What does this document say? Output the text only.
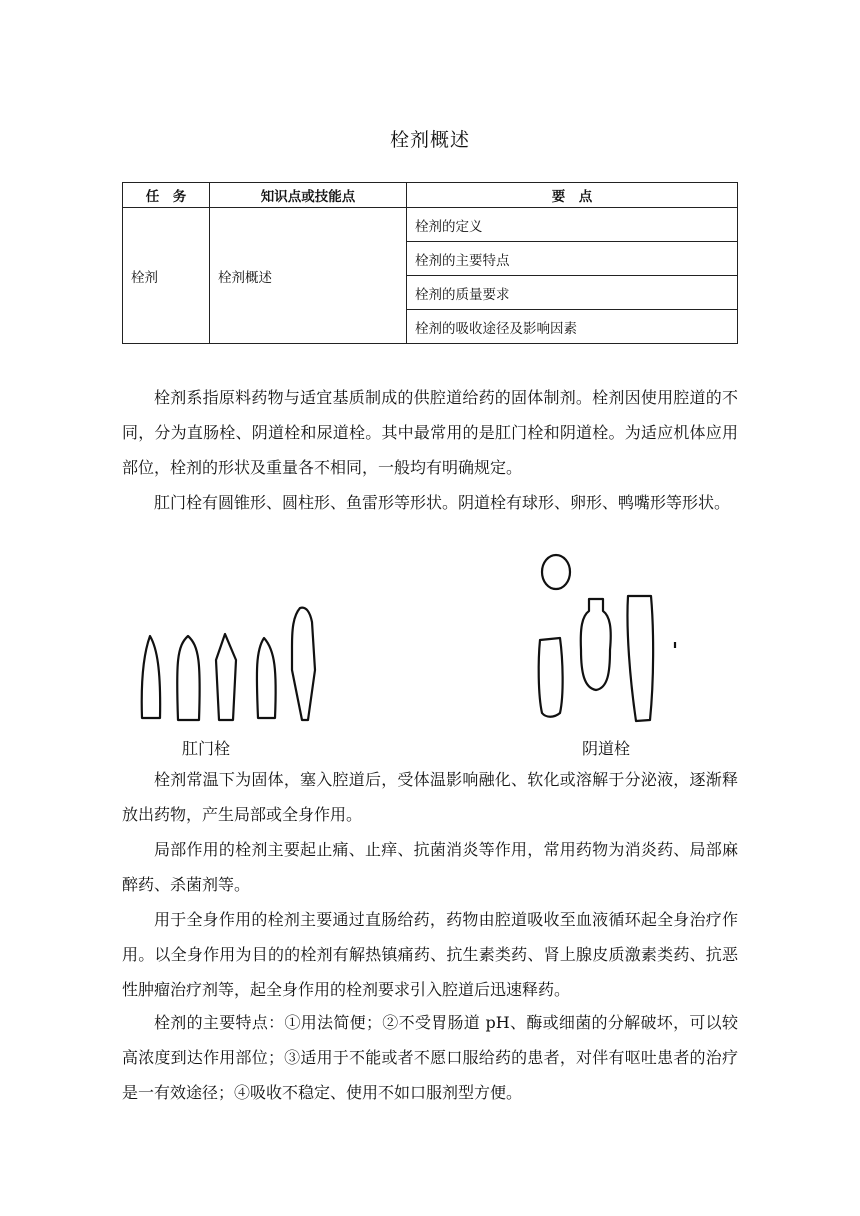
栓剂概述
任　务	知识点或技能点	要　点
栓剂	栓剂概述	栓剂的定义
		栓剂的主要特点
		栓剂的质量要求
		栓剂的吸收途径及影响因素

栓剂系指原料药物与适宜基质制成的供腔道给药的固体制剂。栓剂因使用腔道的不同，分为直肠栓、阴道栓和尿道栓。其中最常用的是肛门栓和阴道栓。为适应机体应用部位，栓剂的形状及重量各不相同，一般均有明确规定。

肛门栓有圆锥形、圆柱形、鱼雷形等形状。阴道栓有球形、卵形、鸭嘴形等形状。

肛门栓	阴道栓

栓剂常温下为固体，塞入腔道后，受体温影响融化、软化或溶解于分泌液，逐渐释放出药物，产生局部或全身作用。

局部作用的栓剂主要起止痛、止痒、抗菌消炎等作用，常用药物为消炎药、局部麻醉药、杀菌剂等。

用于全身作用的栓剂主要通过直肠给药，药物由腔道吸收至血液循环起全身治疗作用。以全身作用为目的的栓剂有解热镇痛药、抗生素类药、肾上腺皮质激素类药、抗恶性肿瘤治疗剂等，起全身作用的栓剂要求引入腔道后迅速释药。

栓剂的主要特点：①用法简便；②不受胃肠道 pH、酶或细菌的分解破坏，可以较高浓度到达作用部位；③适用于不能或者不愿口服给药的患者，对伴有呕吐患者的治疗是一有效途径；④吸收不稳定、使用不如口服剂型方便。
